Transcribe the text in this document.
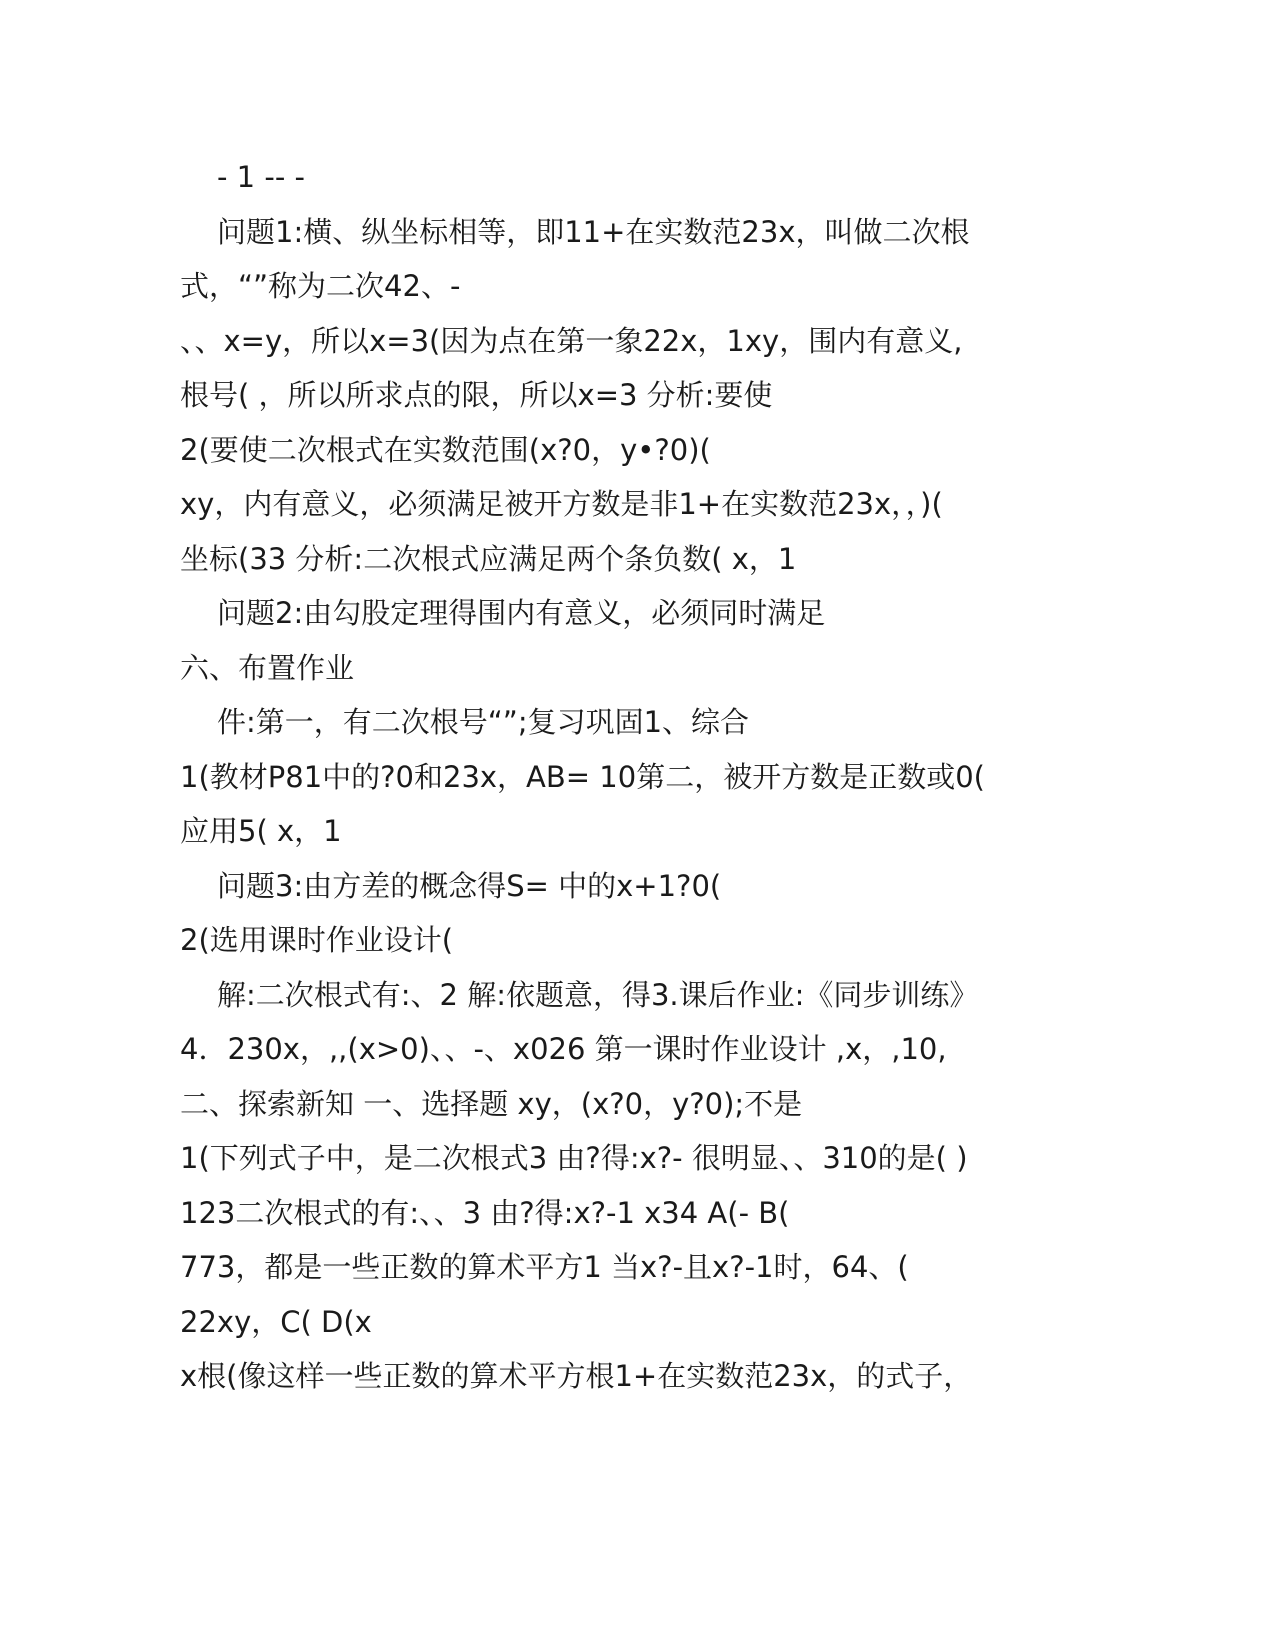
- 1 -- -
问题1:横、纵坐标相等，即11+在实数范23x，叫做二次根
式，“”称为二次42、-
、、x=y，所以x=3(因为点在第一象22x，1xy，围内有意义,
根号( ，所以所求点的限，所以x=3 分析:要使
2(要使二次根式在实数范围(x?0，y•?0)(
xy，内有意义，必须满足被开方数是非1+在实数范23x，，)(
坐标(33 分析:二次根式应满足两个条负数( x，1
问题2:由勾股定理得围内有意义，必须同时满足
六、布置作业
件:第一，有二次根号“”;复习巩固1、综合
1(教材P81中的?0和23x，AB= 10第二，被开方数是正数或0(
应用5( x，1
问题3:由方差的概念得S= 中的x+1?0(
2(选用课时作业设计(
解:二次根式有:、2 解:依题意，得3.课后作业:《同步训练》
4．230x，,,(x>0)、、-、x026 第一课时作业设计 ,x，,10,
二、探索新知 一、选择题 xy，(x?0，y?0);不是
1(下列式子中，是二次根式3 由?得:x?- 很明显、、310的是( )
123二次根式的有:、、3 由?得:x?-1 x34 A(- B(
773，都是一些正数的算术平方1 当x?-且x?-1时，64、(
22xy，C( D(x
x根(像这样一些正数的算术平方根1+在实数范23x，的式子，
